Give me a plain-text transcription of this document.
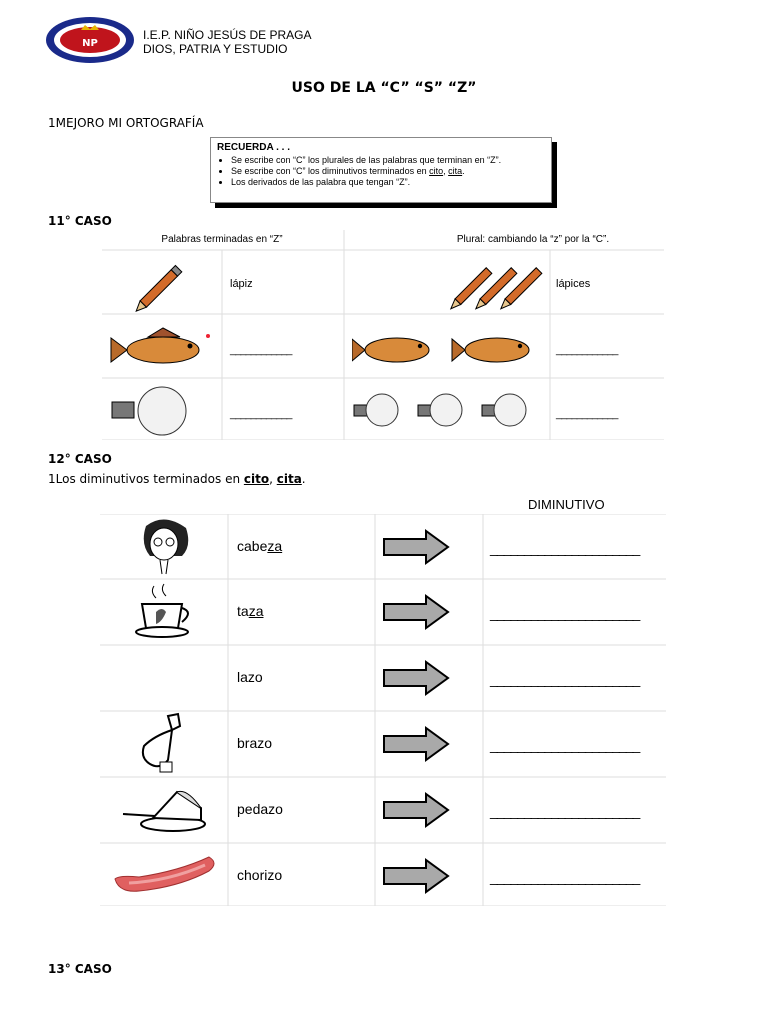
NP
I.E.P. NIÑO JESÚS DE PRAGA
DIOS, PATRIA Y ESTUDIO
USO DE LA “C” “S” “Z”
1MEJORO MI ORTOGRAFÍA
RECUERDA . . .
• Se escribe con “C” los plurales de las palabras que terminan en “Z”.
• Se escribe con “C” los diminutivos terminados en cito, cita.
• Los derivados de las palabra que tengan “Z”.
11° CASO
Palabras terminadas en “Z”	Plural: cambiando la “z” por la “C”.
lápiz	lápices
____________	____________
____________	____________
12° CASO
1Los diminutivos terminados en cito, cita.
DIMINUTIVO
cabeza	______________________
taza	______________________
lazo	______________________
brazo	______________________
pedazo	______________________
chorizo	______________________
13° CASO
